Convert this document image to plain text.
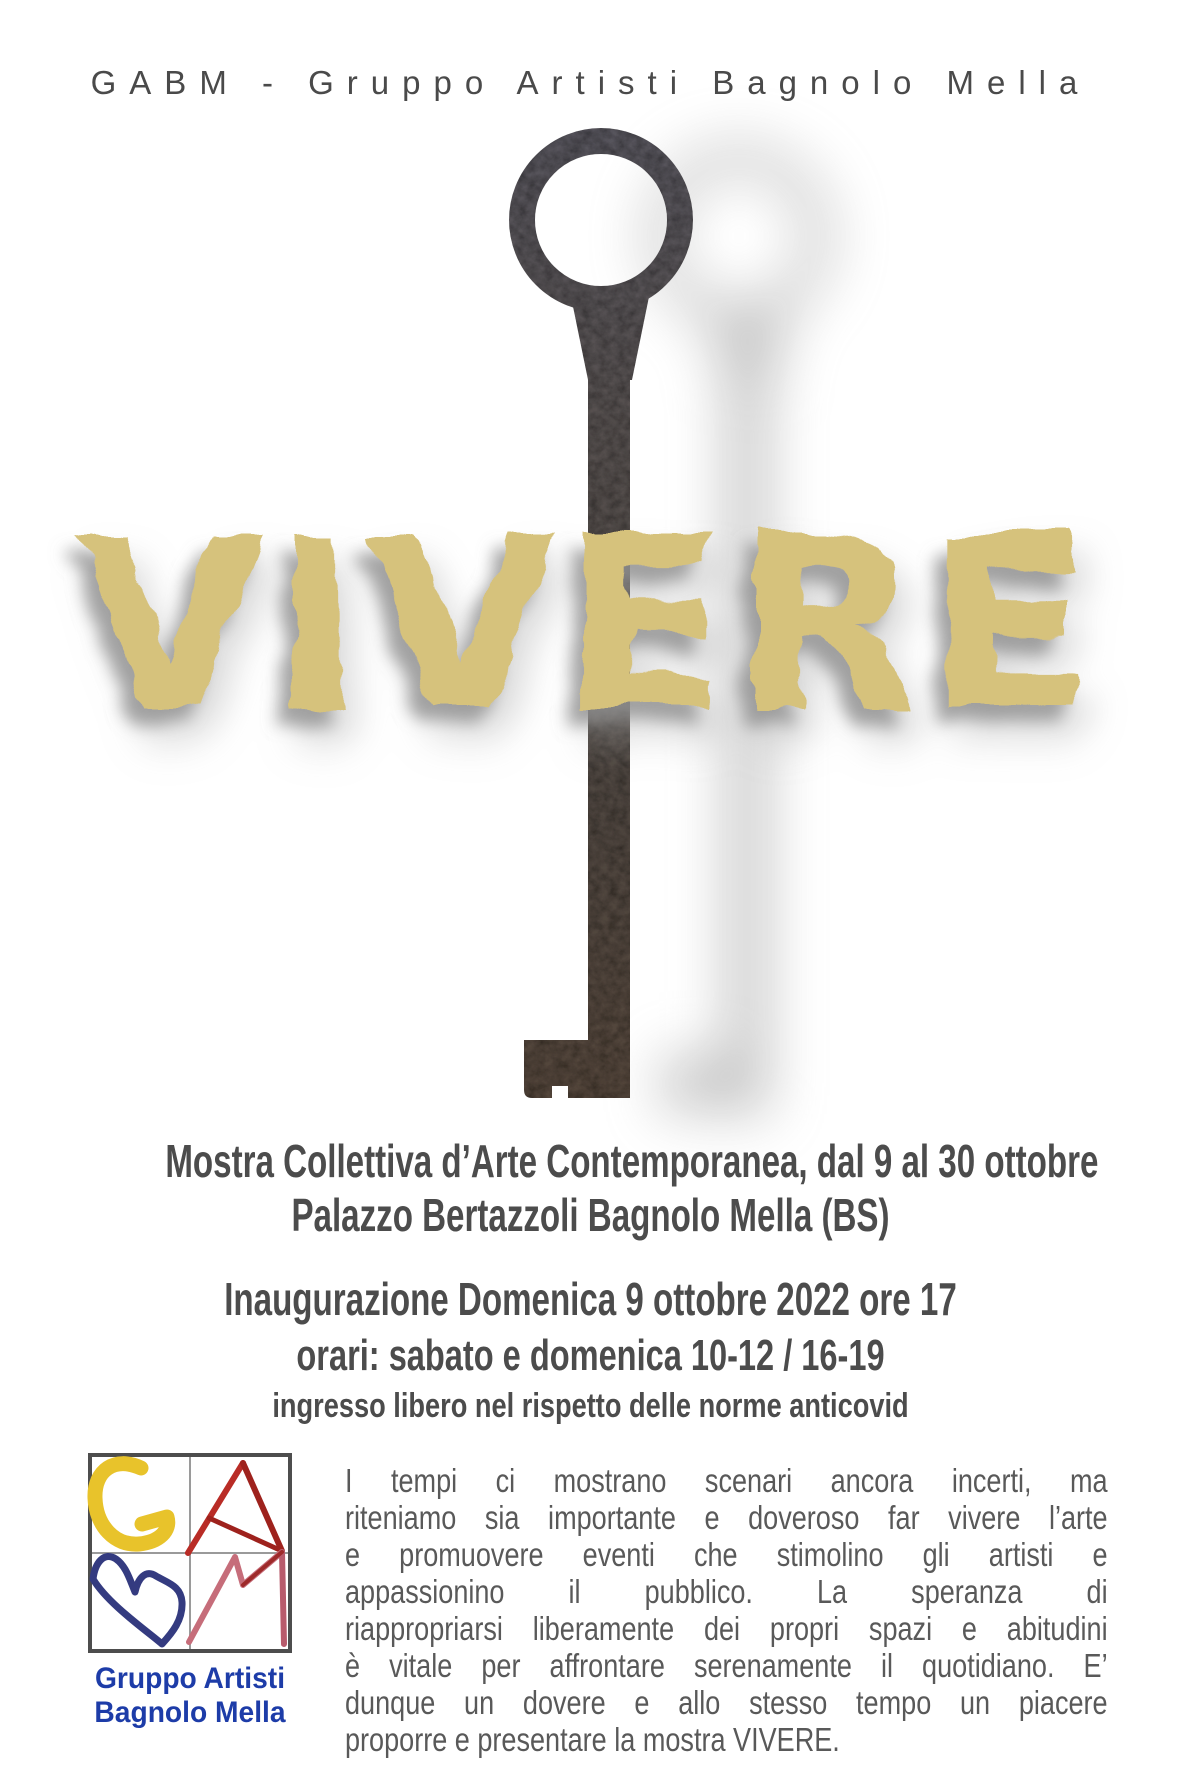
GABM - Gruppo Artisti Bagnolo Mella
VIVERE
Mostra Collettiva d’Arte Contemporanea, dal 9 al 30 ottobre
Palazzo Bertazzoli Bagnolo Mella (BS)
Inaugurazione Domenica 9 ottobre 2022 ore 17
orari: sabato e domenica 10-12 / 16-19
ingresso libero nel rispetto delle norme anticovid
Gruppo Artisti
Bagnolo Mella
I tempi ci mostrano scenari ancora incerti, ma
riteniamo sia importante e doveroso far vivere l’arte
e promuovere eventi che stimolino gli artisti e
appassionino il pubblico. La speranza di
riappropriarsi liberamente dei propri spazi e abitudini
è vitale per affrontare serenamente il quotidiano. E’
dunque un dovere e allo stesso tempo un piacere
proporre e presentare la mostra VIVERE.
